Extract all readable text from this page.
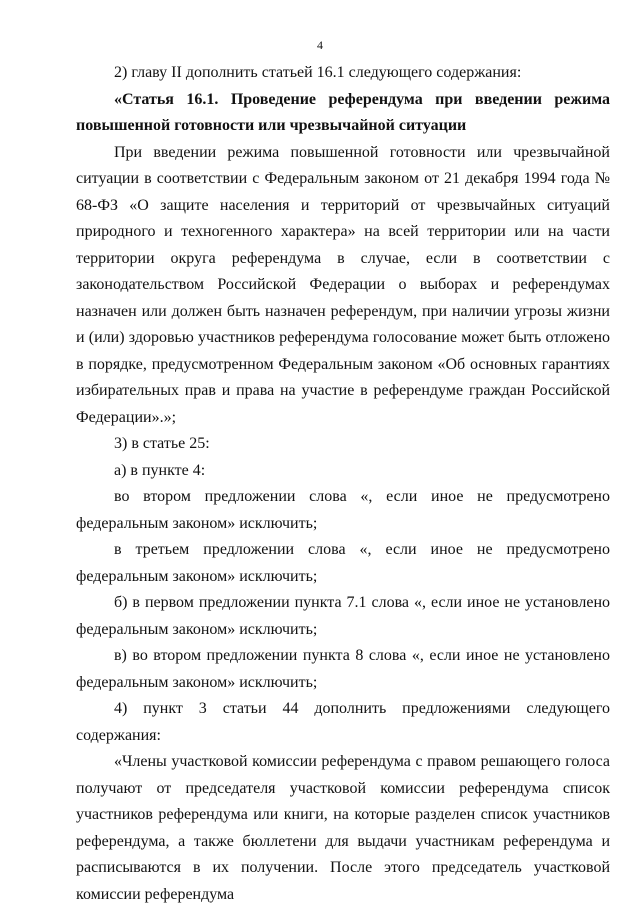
4

2) главу II дополнить статьей 16.1 следующего содержания:

«Статья 16.1. Проведение референдума при введении режима повышенной готовности или чрезвычайной ситуации

При введении режима повышенной готовности или чрезвычайной ситуации в соответствии с Федеральным законом от 21 декабря 1994 года № 68-ФЗ «О защите населения и территорий от чрезвычайных ситуаций природного и техногенного характера» на всей территории или на части территории округа референдума в случае, если в соответствии с законодательством Российской Федерации о выборах и референдумах назначен или должен быть назначен референдум, при наличии угрозы жизни и (или) здоровью участников референдума голосование может быть отложено в порядке, предусмотренном Федеральным законом «Об основных гарантиях избирательных прав и права на участие в референдуме граждан Российской Федерации».»;

3) в статье 25:

а) в пункте 4:

во втором предложении слова «, если иное не предусмотрено федеральным законом» исключить;

в третьем предложении слова «, если иное не предусмотрено федеральным законом» исключить;

б) в первом предложении пункта 7.1 слова «, если иное не установлено федеральным законом» исключить;

в) во втором предложении пункта 8 слова «, если иное не установлено федеральным законом» исключить;

4) пункт 3 статьи 44 дополнить предложениями следующего содержания:

«Члены участковой комиссии референдума с правом решающего голоса получают от председателя участковой комиссии референдума список участников референдума или книги, на которые разделен список участников референдума, а также бюллетени для выдачи участникам референдума и расписываются в их получении. После этого председатель участковой комиссии референдума
